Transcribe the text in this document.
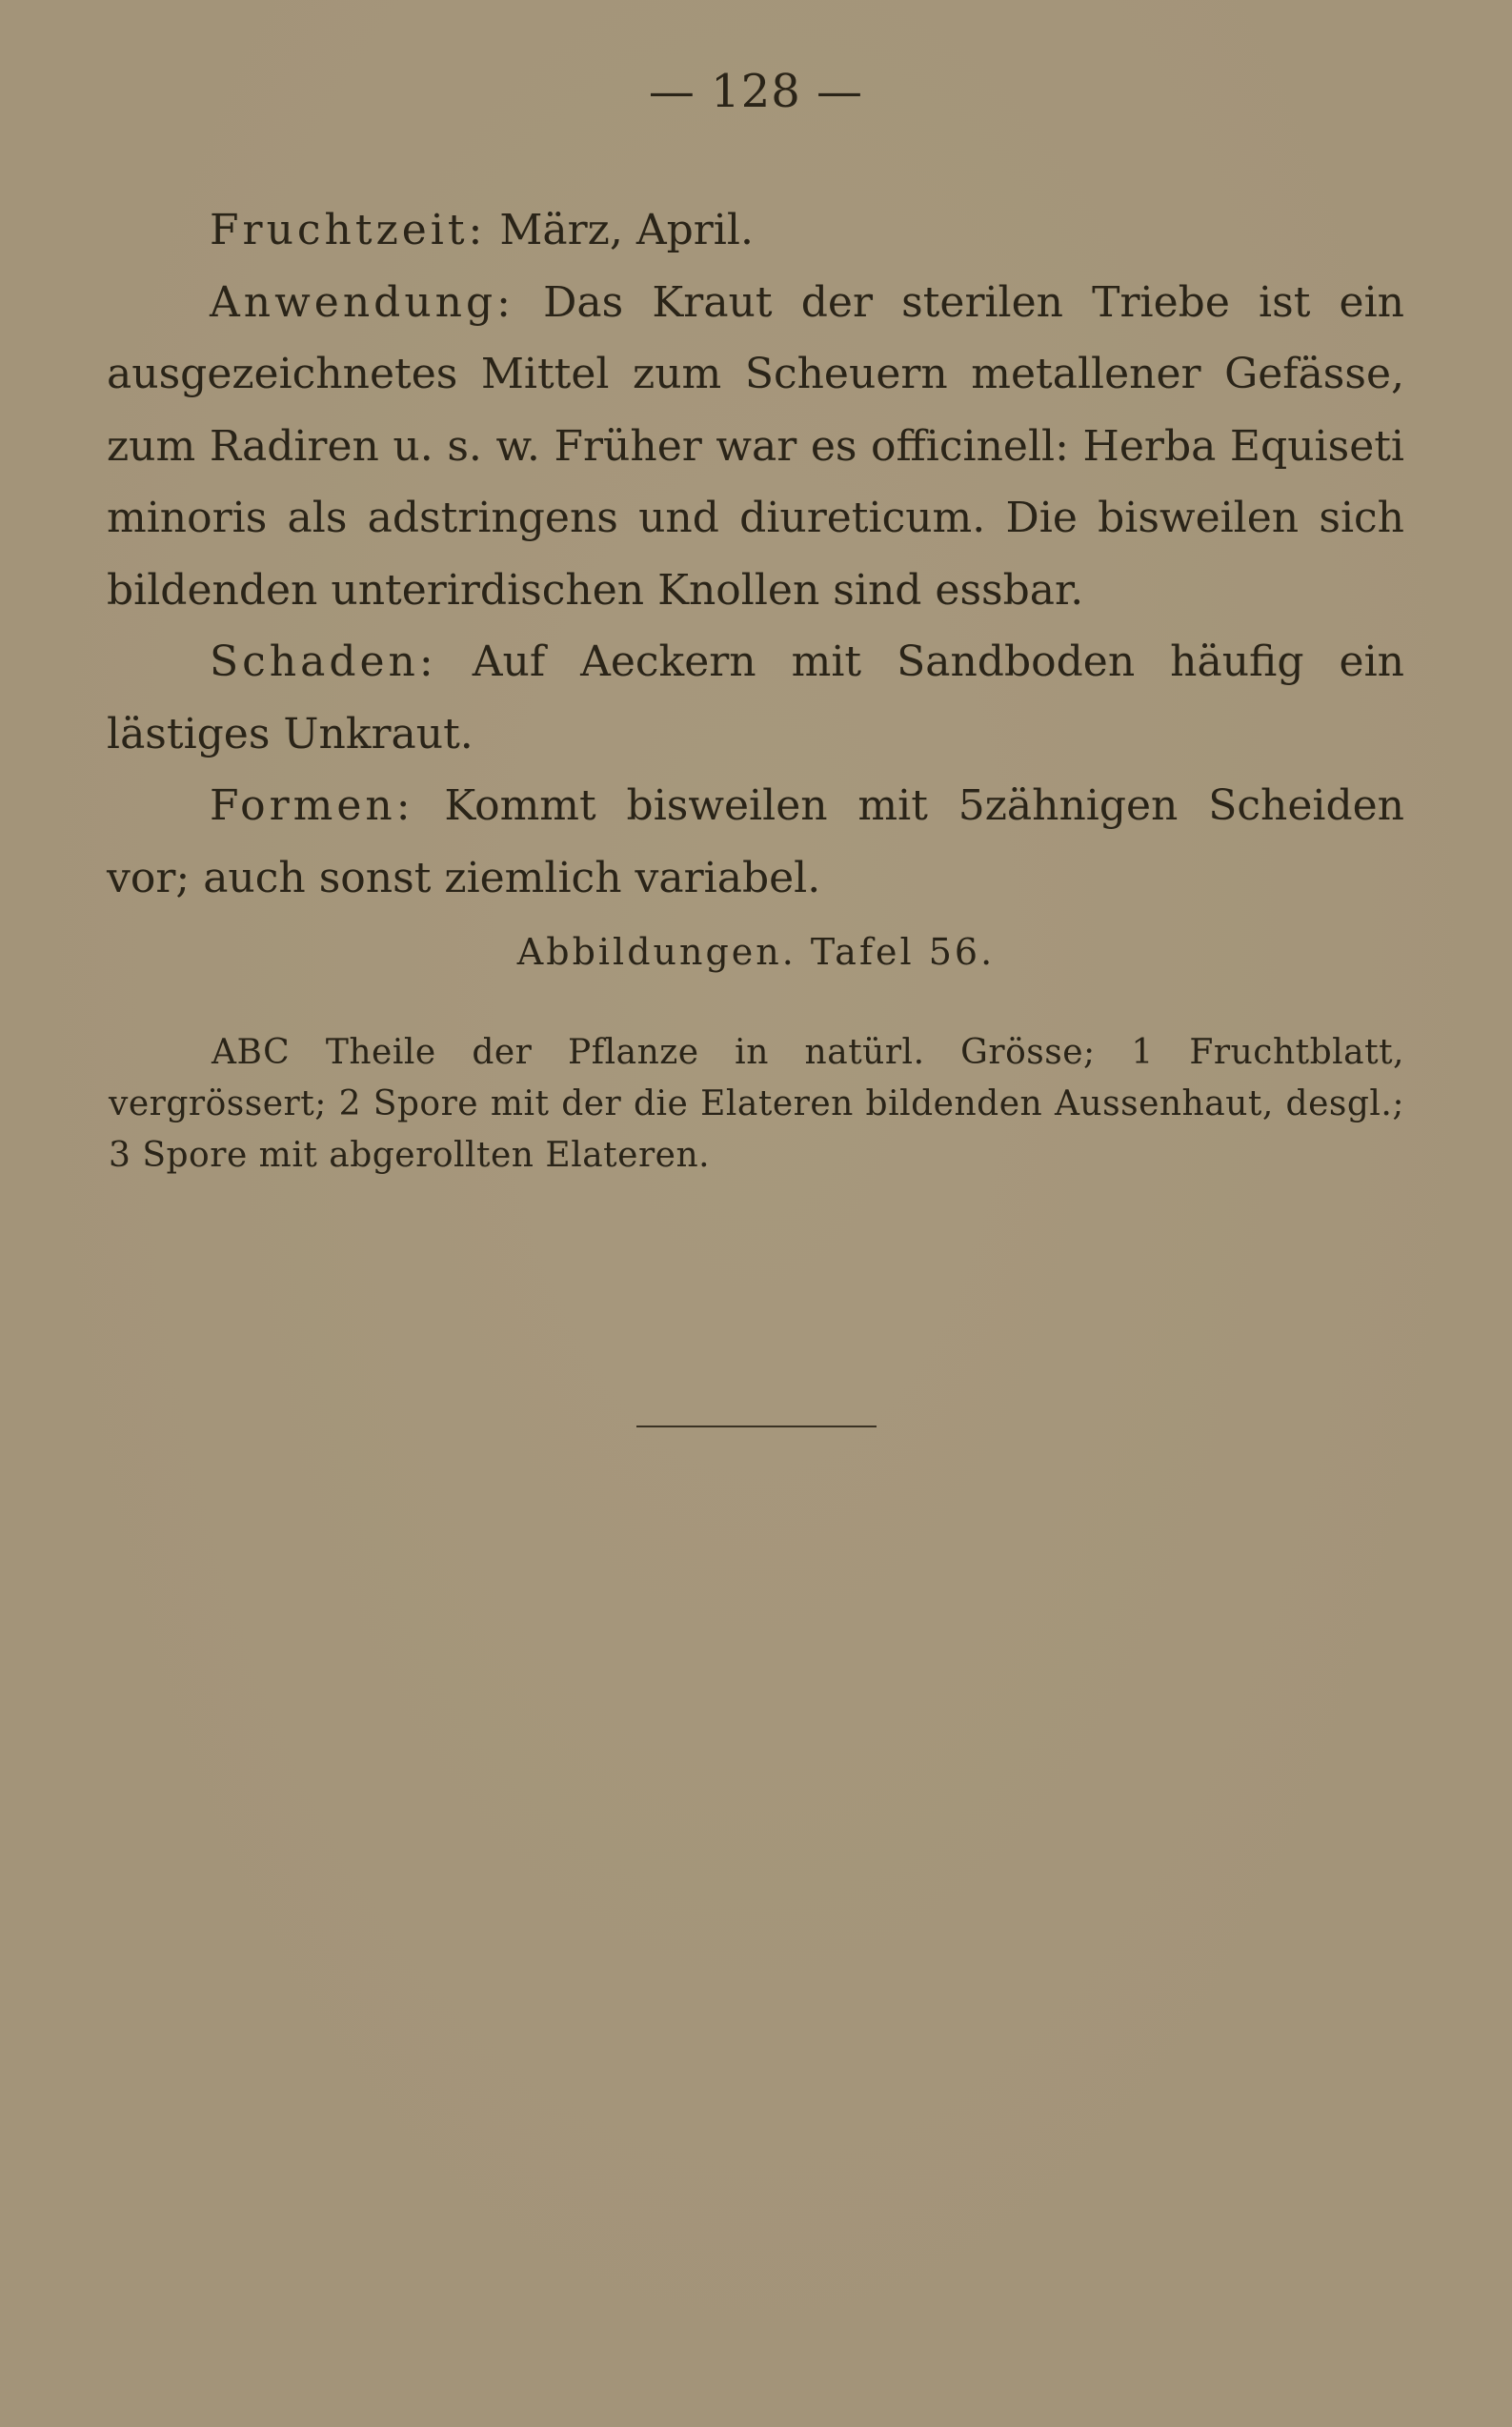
— 128 —

Fruchtzeit: März, April.

Anwendung: Das Kraut der sterilen Triebe ist ein ausgezeichnetes Mittel zum Scheuern metallener Gefässe, zum Radiren u. s. w. Früher war es officinell: Herba Equiseti minoris als adstringens und diureticum. Die bisweilen sich bildenden unterirdischen Knollen sind essbar.

Schaden: Auf Aeckern mit Sandboden häufig ein lästiges Unkraut.

Formen: Kommt bisweilen mit 5zähnigen Scheiden vor; auch sonst ziemlich variabel.

Abbildungen. Tafel 56.
ABC Theile der Pflanze in natürl. Grösse; 1 Fruchtblatt, vergrössert; 2 Spore mit der die Elateren bildenden Aussenhaut, desgl.; 3 Spore mit abgerollten Elateren.
